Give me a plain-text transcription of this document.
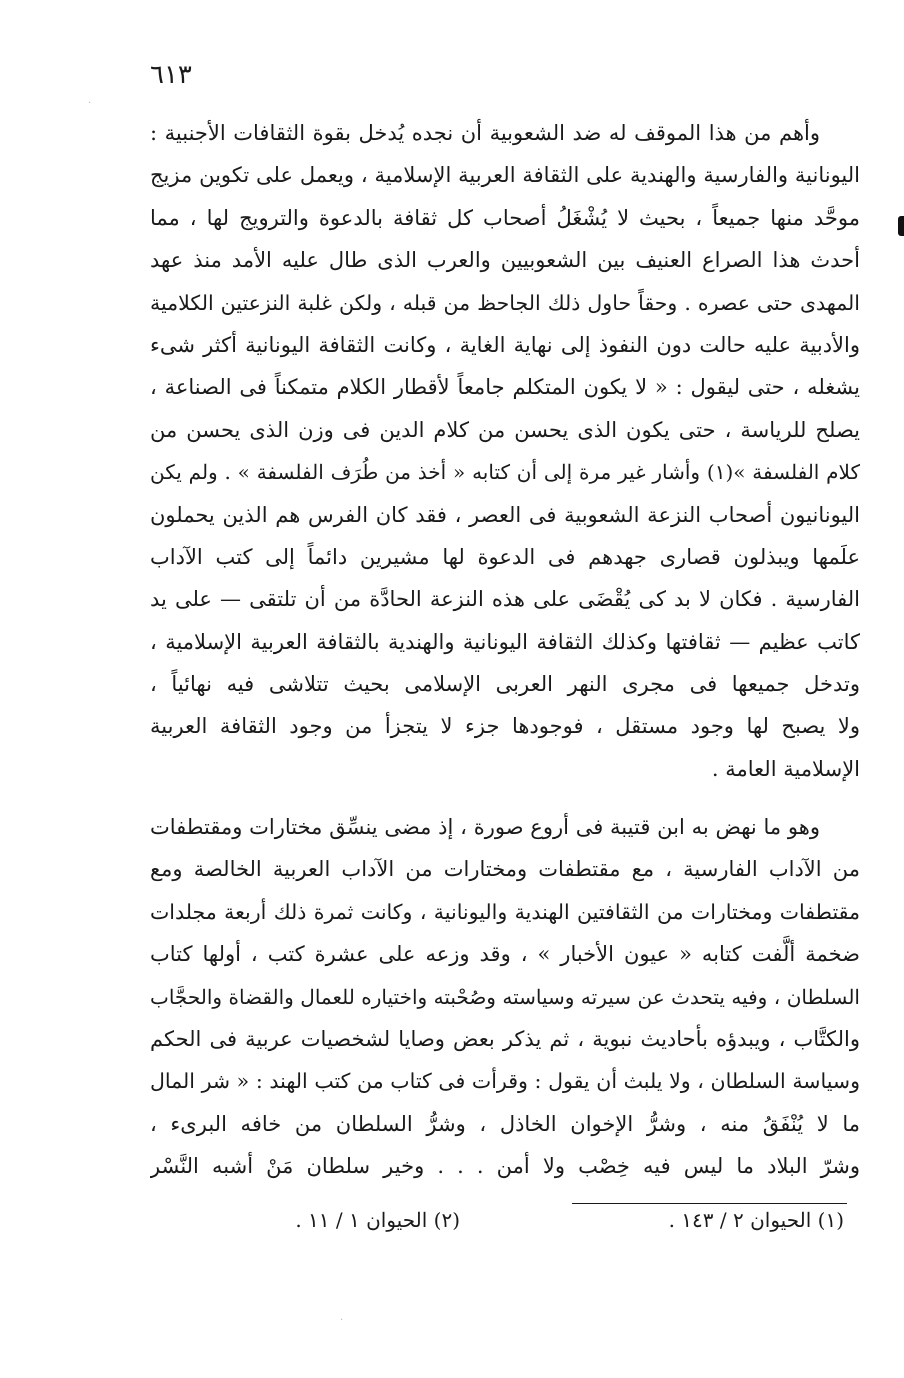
٦١٣
·
·
وأهم من هذا الموقف له ضد الشعوبية أن نجده يُدخل بقوة الثقافات الأجنبية :
اليونانية والفارسية والهندية على الثقافة العربية الإسلامية ، ويعمل على تكوين مزيج
موحَّد منها جميعاً ، بحيث لا يُشْغَلُ أصحاب كل ثقافة بالدعوة والترويج لها ، مما
أحدث هذا الصراع العنيف بين الشعوبيين والعرب الذى طال عليه الأمد منذ عهد
المهدى حتى عصره . وحقاً حاول ذلك الجاحظ من قبله ، ولكن غلبة النزعتين الكلامية
والأدبية عليه حالت دون النفوذ إلى نهاية الغاية ، وكانت الثقافة اليونانية أكثر شىء
يشغله ، حتى ليقول : « لا يكون المتكلم جامعاً لأقطار الكلام متمكناً فى الصناعة ،
يصلح للرياسة ، حتى يكون الذى يحسن من كلام الدين فى وزن الذى يحسن من
كلام الفلسفة »(١) وأشار غير مرة إلى أن كتابه « أخذ من طُرَف الفلسفة » . ولم يكن
اليونانيون أصحاب النزعة الشعوبية فى العصر ، فقد كان الفرس هم الذين يحملون
علَمها ويبذلون قصارى جهدهم فى الدعوة لها مشيرين دائماً إلى كتب الآداب
الفارسية . فكان لا بد كى يُقْضَى على هذه النزعة الحادَّة من أن تلتقى — على يد
كاتب عظيم — ثقافتها وكذلك الثقافة اليونانية والهندية بالثقافة العربية الإسلامية ،
وتدخل جميعها فى مجرى النهر العربى الإسلامى بحيث تتلاشى فيه نهائياً ،
ولا يصبح لها وجود مستقل ، فوجودها جزء لا يتجزأ من وجود الثقافة العربية
الإسلامية العامة .
وهو ما نهض به ابن قتيبة فى أروع صورة ، إذ مضى ينسِّق مختارات ومقتطفات
من الآداب الفارسية ، مع مقتطفات ومختارات من الآداب العربية الخالصة ومع
مقتطفات ومختارات من الثقافتين الهندية واليونانية ، وكانت ثمرة ذلك أربعة مجلدات
ضخمة ألَّفت كتابه « عيون الأخبار » ، وقد وزعه على عشرة كتب ، أولها كتاب
السلطان ، وفيه يتحدث عن سيرته وسياسته وصُحْبته واختياره للعمال والقضاة والحجَّاب
والكتَّاب ، ويبدؤه بأحاديث نبوية ، ثم يذكر بعض وصايا لشخصيات عربية فى الحكم
وسياسة السلطان ، ولا يلبث أن يقول : وقرأت فى كتاب من كتب الهند : « شر المال
ما لا يُنْفَقُ منه ، وشرُّ الإخوان الخاذل ، وشرُّ السلطان من خافه البرىء ،
وشرّ البلاد ما ليس فيه خِصْب ولا أمن . . . وخير سلطان مَنْ أشبه النَّسْر
(١) الحيوان ٢ / ١٤٣ .
(٢) الحيوان ١ / ١١ .
